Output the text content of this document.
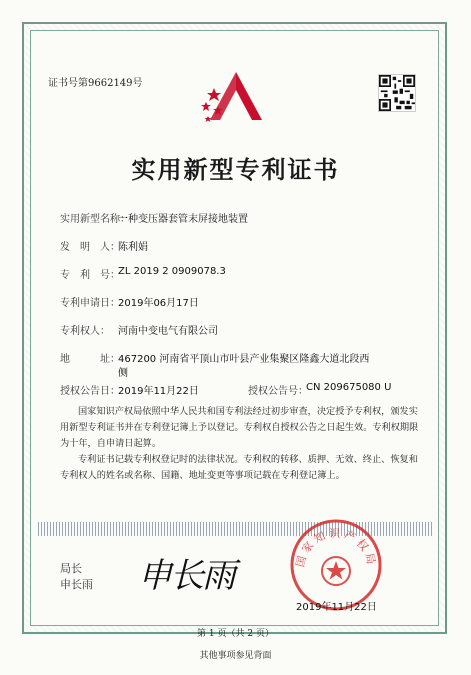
证书号第9662149号
实用新型专利证书
实用新型名称：
一种变压器套管末屏接地装置
发　明　人：
陈利娟
专　利　号：
ZL 2019 2 0909078.3
专利申请日：
2019年06月17日
专利权人： 河南中变电气有限公司
地　　　址：
467200 河南省平顶山市叶县产业集聚区隆鑫大道北段西
侧
授权公告日：
2019年11月22日	授权公告号：
CN 209675080 U
国家知识产权局依照中华人民共和国专利法经过初步审查，决定授予专利权，颁发实用新型专利证书并在专利登记簿上予以登记。专利权自授权公告之日起生效。专利权期限为十年，自申请日起算。
专利证书记载专利权登记时的法律状况。专利权的转移、质押、无效、终止、恢复和专利权人的姓名或名称、国籍、地址变更等事项记载在专利登记簿上。
局长
申长雨 申长雨	国家知识产权局
2019年11月22日
第 1 页（共 2 页）
其他事项参见背面
